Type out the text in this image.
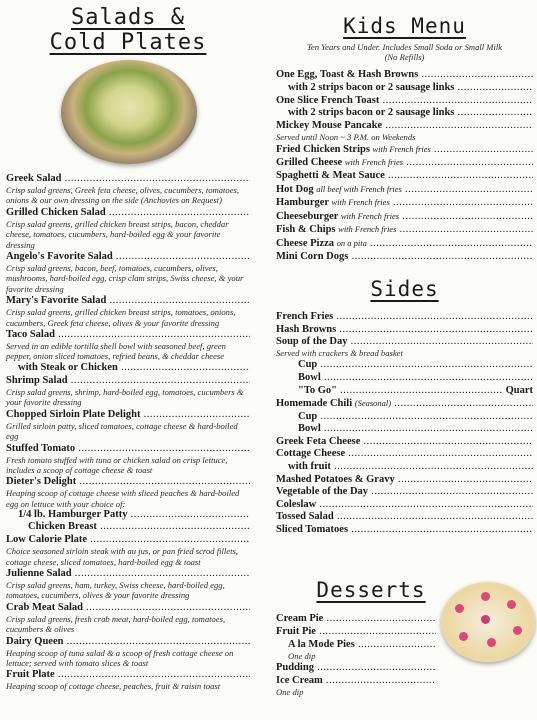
Salads &
Cold Plates
Greek Salad .....
Crisp salad greens, Greek feta cheese, olives, cucumbers, tomatoes, onions & our own dressing on the side (Anchovies on Request)
Grilled Chicken Salad .....
Crisp salad greens, grilled chicken breast strips, bacon, cheddar cheese, tomatoes, cucumbers, hard-boiled egg & your favorite dressing
Angelo's Favorite Salad .....
Crisp salad greens, bacon, beef, tomatoes, cucumbers, olives, mushrooms, hard-boiled egg, crisp clam strips, Swiss cheese, & your favorite dressing
Mary's Favorite Salad .....
Crisp salad greens, grilled chicken breast strips, tomatoes, onions, cucumbers, Greek feta cheese, olives & your favorite dressing
Taco Salad .....
Served in an edible tortilla shell bowl with seasoned beef, green pepper, onion sliced tomatoes, refried beans, & cheddar cheese
with Steak or Chicken .....
Shrimp Salad .....
Crisp salad greens, shrimp, hard-boiled egg, tomatoes, cucumbers & your favorite dressing
Chopped Sirloin Plate Delight .....
Grilled sirloin patty, sliced tomatoes, cottage cheese & hard-boiled egg
Stuffed Tomato .....
Fresh tomato stuffed with tuna or chicken salad on crisp lettuce, includes a scoop of cottage cheese & toast
Dieter's Delight .....
Heaping scoop of cottage cheese with sliced peaches & hard-boiled egg on lettuce with your choice of:
1/4 lb. Hamburger Patty .....
Chicken Breast .....
Low Calorie Plate .....
Choice seasoned sirloin steak with au jus, or pan fried scrod fillets, cottage cheese, sliced tomatoes, hard-boiled egg & toast
Julienne Salad .....
Crisp salad greens, ham, turkey, Swiss cheese, hard-boiled egg, tomatoes, cucumbers, olives & your favorite dressing
Crab Meat Salad .....
Crisp salad greens, fresh crab meat, hard-boiled egg, tomatoes, cucumbers & olives
Dairy Queen .....
Heaping scoop of tuna salad & a scoop of fresh cottage cheese on lettuce; served with tomato slices & toast
Fruit Plate .....
Heaping scoop of cottage cheese, peaches, fruit & raisin toast
Kids Menu
Ten Years and Under. Includes Small Soda or Small Milk
(No Refills)
One Egg, Toast & Hash Browns .....
with 2 strips bacon or 2 sausage links .....
One Slice French Toast .....
with 2 strips bacon or 2 sausage links .....
Mickey Mouse Pancake .....
Served until Noon ~ 3 P.M. on Weekends
Fried Chicken Strips with French fries .....
Grilled Cheese with French fries .....
Spaghetti & Meat Sauce .....
Hot Dog all beef with French fries .....
Hamburger with French fries .....
Cheeseburger with French fries .....
Fish & Chips with French fries .....
Cheese Pizza on a pita .....
Mini Corn Dogs .....
Sides
French Fries .....
Hash Browns .....
Soup of the Day .....
Served with crackers & bread basket
Cup .....
Bowl .....
"To Go" .....	Quart
Homemade Chili (Seasonal) .....
Cup .....
Bowl .....
Greek Feta Cheese .....
Cottage Cheese .....
with fruit .....
Mashed Potatoes & Gravy .....
Vegetable of the Day .....
Coleslaw .....
Tossed Salad .....
Sliced Tomatoes .....
Desserts
Cream Pie .....
Fruit Pie .....
A la Mode Pies .....
One dip
Pudding .....
Ice Cream .....
One dip
